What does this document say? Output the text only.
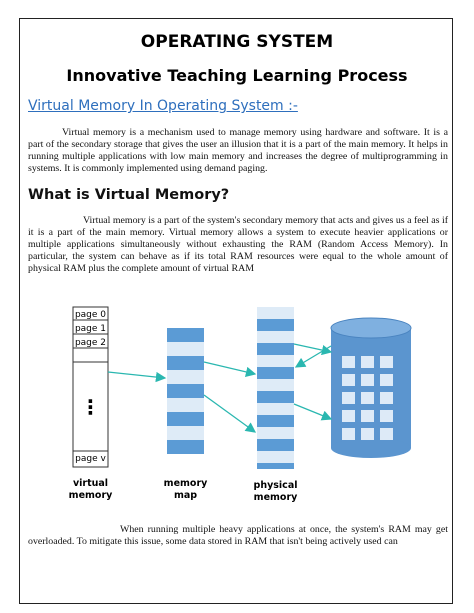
OPERATING SYSTEM
Innovative Teaching Learning Process
Virtual Memory In Operating System :-
Virtual memory is a mechanism used to manage memory using hardware and software. It is a part of the secondary storage that gives the user an illusion that it is a part of the main memory. It helps in running multiple applications with low main memory and increases the degree of multiprogramming in systems. It is commonly implemented using demand paging.
What is Virtual Memory?
Virtual memory is a part of the system's secondary memory that acts and gives us a feel as if it is a part of the main memory. Virtual memory allows a system to execute heavier applications or multiple applications simultaneously without exhausting the RAM (Random Access Memory). In particular, the system can behave as if its total RAM resources were equal to the whole amount of physical RAM plus the complete amount of virtual RAM
page 0
page 1
page 2
⋮
page v
virtual
memory
memory
map
physical
memory
When running multiple heavy applications at once, the system's RAM may get overloaded. To mitigate this issue, some data stored in RAM that isn't being actively used can
